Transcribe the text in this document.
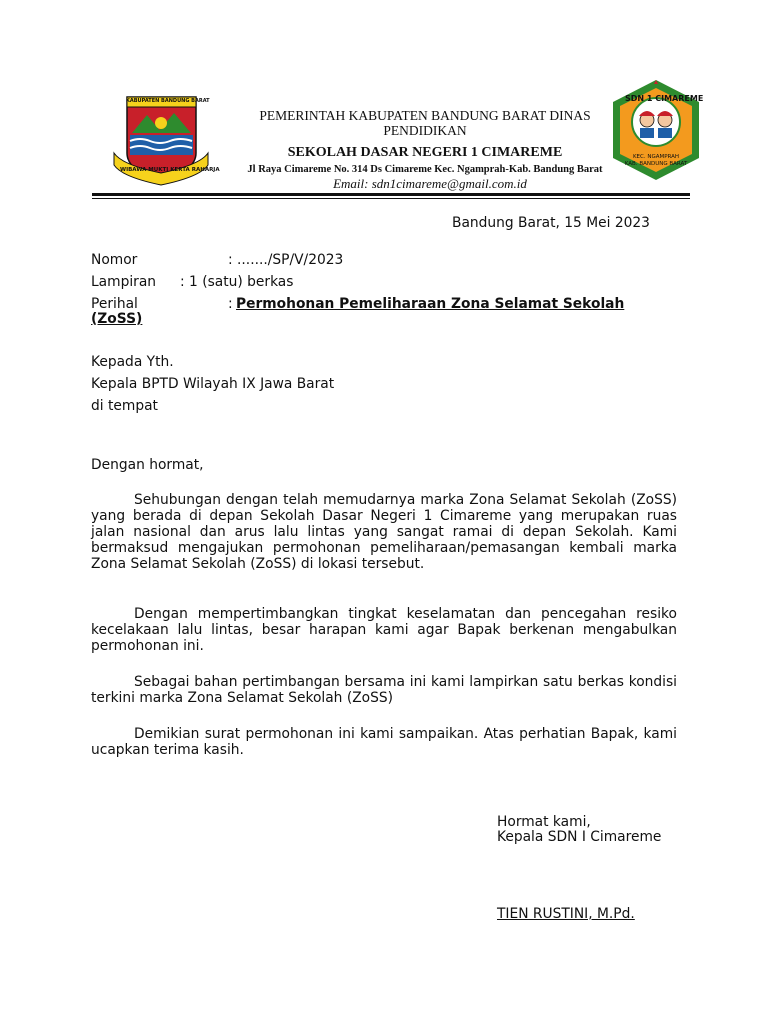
KABUPATEN BANDUNG BARAT
WIBAWA MUKTI KERTA RAHARJA
SDN 1 CIMAREME
KEC. NGAMPRAH
KAB. BANDUNG BARAT
PEMERINTAH KABUPATEN BANDUNG BARAT DINAS PENDIDIKAN
SEKOLAH DASAR NEGERI 1 CIMAREME
Jl Raya Cimareme No. 314 Ds Cimareme Kec. Ngamprah-Kab. Bandung Barat
Email: sdn1cimareme@gmail.com.id
Bandung Barat, 15 Mei 2023
Nomor	: ......./SP/V/2023
Lampiran : 1 (satu) berkas
Perihal	: Permohonan Pemeliharaan Zona Selamat Sekolah
(ZoSS)
Kepada Yth.
Kepala BPTD Wilayah IX Jawa Barat
di tempat
Dengan hormat,
Sehubungan dengan telah memudarnya marka Zona Selamat Sekolah (ZoSS) yang berada di depan Sekolah Dasar Negeri 1 Cimareme yang merupakan ruas jalan nasional dan arus lalu lintas yang sangat ramai di depan Sekolah. Kami bermaksud mengajukan permohonan pemeliharaan/pemasangan kembali marka Zona Selamat Sekolah (ZoSS) di lokasi tersebut.
Dengan mempertimbangkan tingkat keselamatan dan pencegahan resiko kecelakaan lalu lintas, besar harapan kami agar Bapak berkenan mengabulkan permohonan ini.
Sebagai bahan pertimbangan bersama ini kami lampirkan satu berkas kondisi terkini marka Zona Selamat Sekolah (ZoSS)
Demikian surat permohonan ini kami sampaikan. Atas perhatian Bapak, kami ucapkan terima kasih.
Hormat kami,
Kepala SDN I Cimareme
TIEN RUSTINI, M.Pd.
